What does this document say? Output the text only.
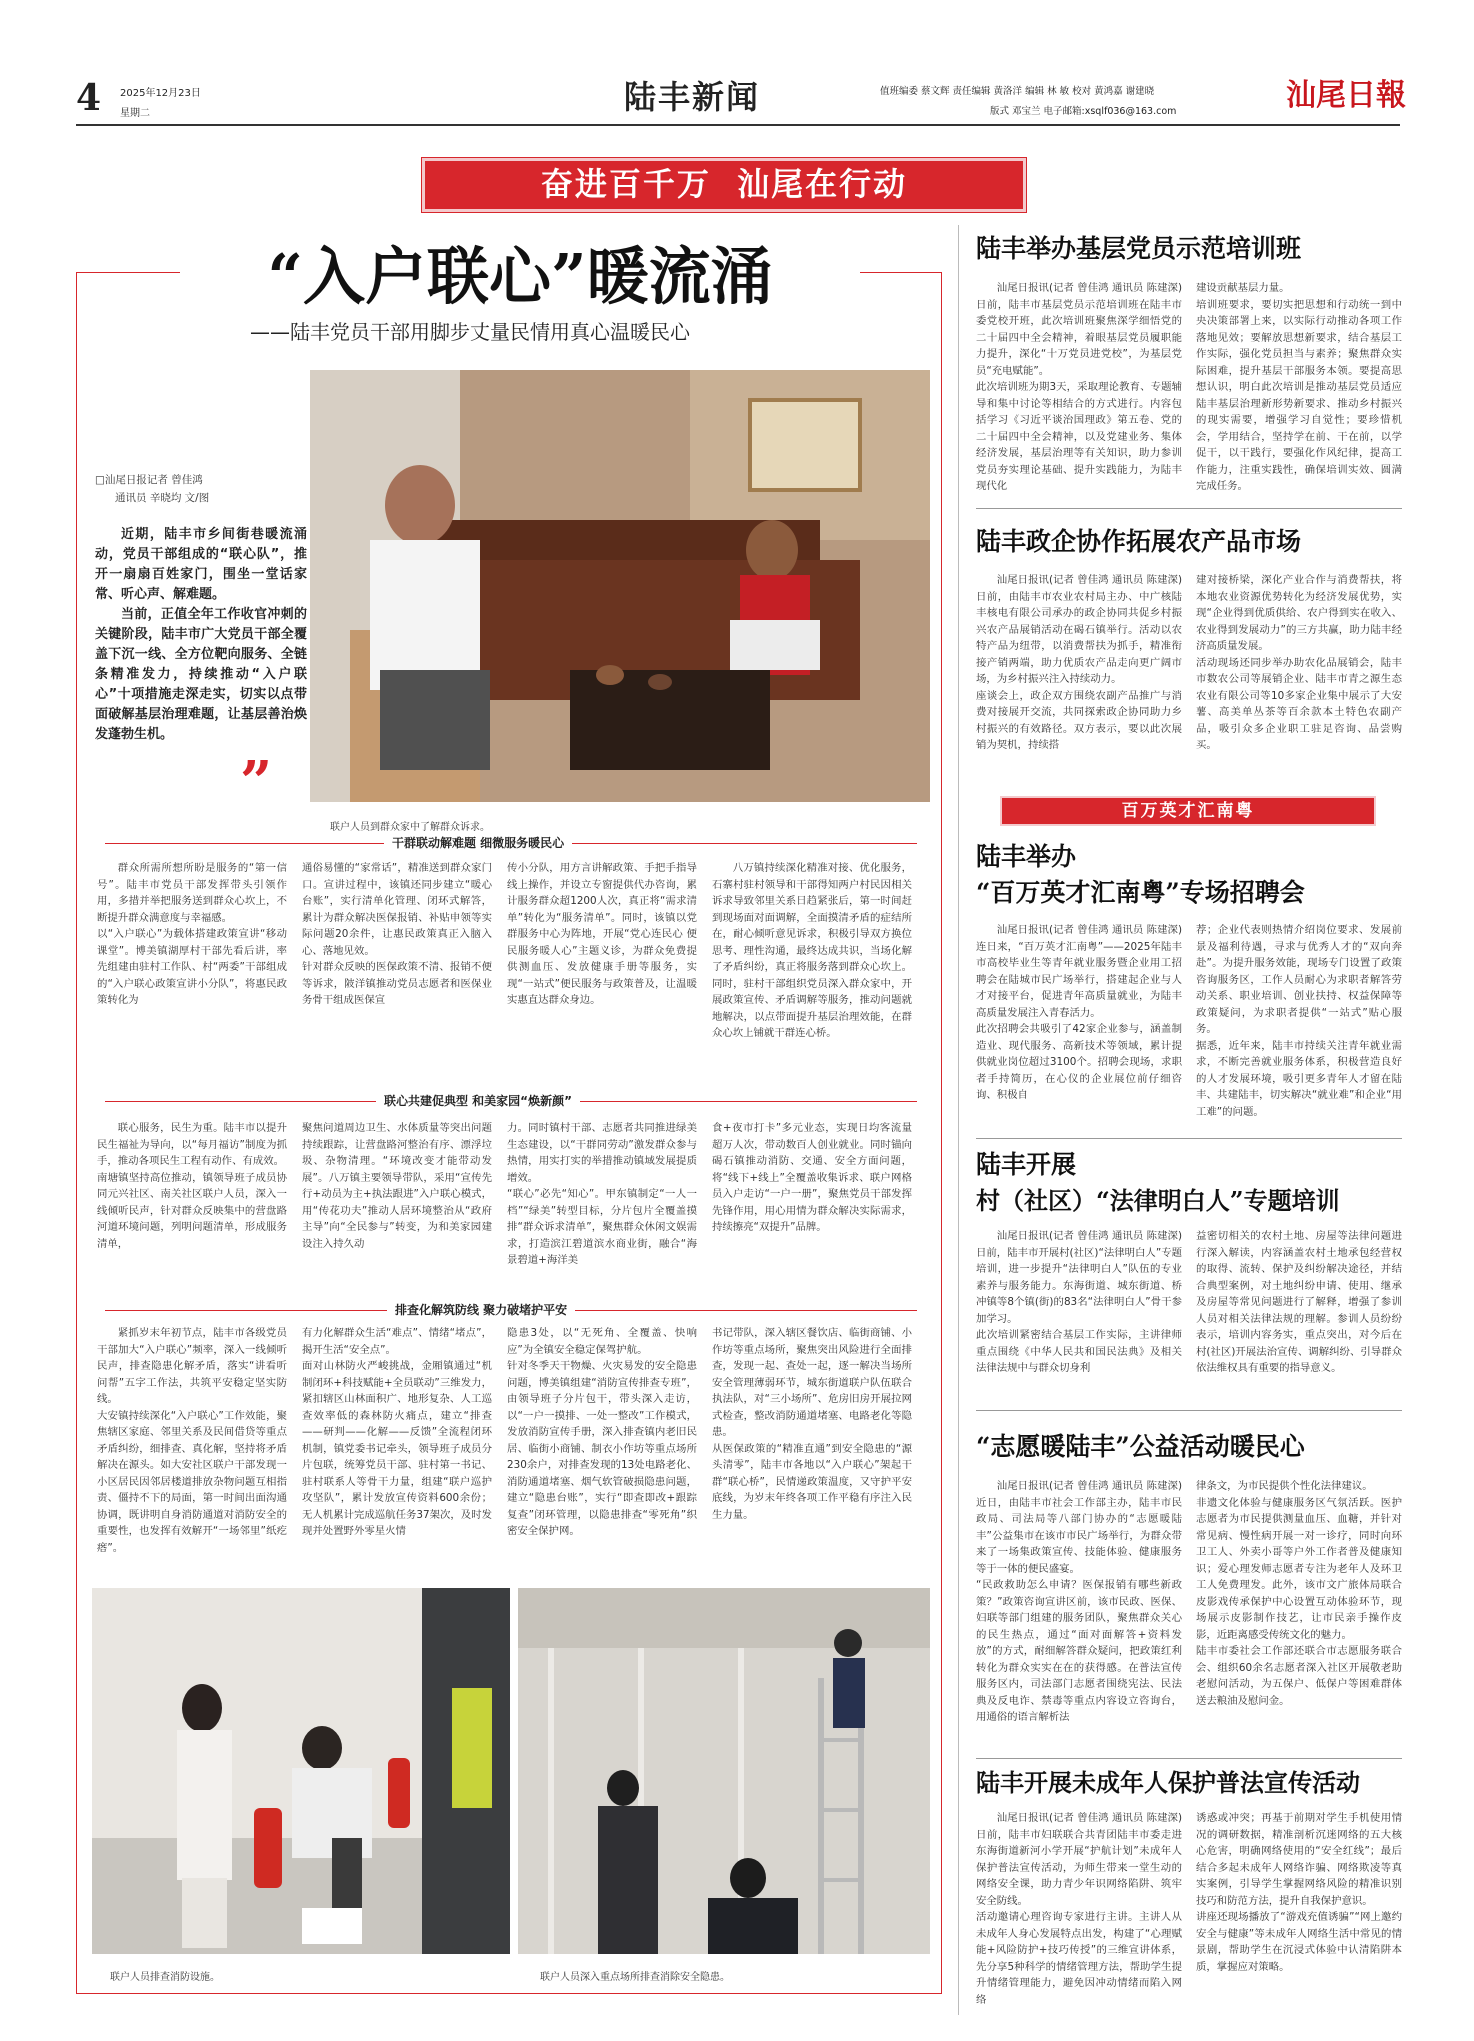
4 2025年12月23日
星期二	陆丰新闻	值班编委 蔡文辉 责任编辑 黄洛洋 编辑 林 敏 校对 黄鸿嘉 谢建晓
版式 邓宝兰 电子邮箱:xsqlf036@163.com	汕尾日報
奋进百千万  汕尾在行动
“入户联心”暖流涌
——陆丰党员干部用脚步丈量民情用真心温暖民心
□汕尾日报记者 曾佳鸿
通讯员 辛晓均 文/图
近期，陆丰市乡间街巷暖流涌动，党员干部组成的“联心队”，推开一扇扇百姓家门，围坐一堂话家常、听心声、解难题。
当前，正值全年工作收官冲刺的关键阶段，陆丰市广大党员干部全覆盖下沉一线、全方位靶向服务、全链条精准发力，持续推动“入户联心”十项措施走深走实，切实以点带面破解基层治理难题，让基层善治焕发蓬勃生机。
”
联户人员到群众家中了解群众诉求。
干群联动解难题 细微服务暖民心
群众所需所想所盼是服务的“第一信号”。陆丰市党员干部发挥带头引领作用，多措并举把服务送到群众心坎上，不断提升群众满意度与幸福感。
以“入户联心”为载体搭建政策宣讲“移动课堂”。博美镇湖厚村干部先看后讲，率先组建由驻村工作队、村“两委”干部组成的“入户联心政策宣讲小分队”，将惠民政策转化为
通俗易懂的“家常话”，精准送到群众家门口。宣讲过程中，该镇还同步建立“暖心台账”，实行清单化管理、闭环式解答，累计为群众解决医保报销、补贴申领等实际问题20余件，让惠民政策真正入脑入心、落地见效。
针对群众反映的医保政策不清、报销不便等诉求，陂洋镇推动党员志愿者和医保业务骨干组成医保宣
传小分队，用方言讲解政策、手把手指导线上操作，并设立专窗提供代办咨询，累计服务群众超1200人次，真正将“需求清单”转化为“服务清单”。同时，该镇以党群服务中心为阵地，开展“党心连民心 便民服务暖人心”主题义诊，为群众免费提供测血压、发放健康手册等服务，实现“一站式”便民服务与政策普及，让温暖实惠直达群众身边。
八万镇持续深化精准对接、优化服务，石寨村驻村领导和干部得知两户村民因相关诉求导致邻里关系日趋紧张后，第一时间赶到现场面对面调解，全面摸清矛盾的症结所在，耐心倾听意见诉求，积极引导双方换位思考、理性沟通，最终达成共识，当场化解了矛盾纠纷，真正将服务落到群众心坎上。同时，驻村干部组织党员深入群众家中，开展政策宣传、矛盾调解等服务，推动问题就地解决，以点带面提升基层治理效能，在群众心坎上铺就干群连心桥。
联心共建促典型 和美家园“焕新颜”
联心服务，民生为重。陆丰市以提升民生福祉为导向，以“每月福访”制度为抓手，推动各项民生工程有动作、有成效。
南塘镇坚持高位推动，镇领导班子成员协同元兴社区、南关社区联户人员，深入一线倾听民声，针对群众反映集中的营盘路河道环境问题，列明问题清单，形成服务清单，
聚焦问道周边卫生、水体质量等突出问题持续跟踪，让营盘路河整治有序、漂浮垃圾、杂物清理。“环境改变才能带动发展”。八万镇主要领导带队，采用“宣传先行+动员为主+执法跟进”入户联心模式，用“传花功夫”推动人居环境整治从“政府主导”向“全民参与”转变，为和美家园建设注入持久动
力。同时镇村干部、志愿者共同推进绿美生态建设，以“干群同劳动”激发群众参与热情，用实打实的举措推动镇域发展提质增效。
“联心”必先“知心”。甲东镇制定“一人一档”“绿美”转型目标，分片包片全覆盖摸排“群众诉求清单”，聚焦群众休闲文娱需求，打造滨江碧道滨水商业街，融合“海景碧道+海洋美
食+夜市打卡”多元业态，实现日均客流量超万人次，带动数百人创业就业。同时锚向碣石镇推动消防、交通、安全方面问题，将“线下+线上”全覆盖收集诉求、联户网格员入户走访“一户一册”，聚焦党员干部发挥先锋作用，用心用情为群众解决实际需求，持续擦亮“双提升”品牌。
排查化解筑防线 聚力破堵护平安
紧抓岁末年初节点，陆丰市各级党员干部加大“入户联心”频率，深入一线倾听民声，排查隐患化解矛盾，落实“讲看听问帮”五字工作法，共筑平安稳定坚实防线。
大安镇持续深化“入户联心”工作效能，聚焦辖区家庭、邻里关系及民间借贷等重点矛盾纠纷，细排查、真化解，坚持将矛盾解决在源头。如大安社区联户干部发现一小区居民因邻居楼道排放杂物问题互相指责、僵持不下的局面，第一时间出面沟通协调，既讲明自身消防通道对消防安全的重要性，也发挥有效解开“一场邻里”纸疙瘩”。
有力化解群众生活“难点”、情绪“堵点”，揭开生活“安全点”。
面对山林防火严峻挑战，金厢镇通过“机制闭环+科技赋能+全员联动”三维发力，紧扣辖区山林面积广、地形复杂、人工巡查效率低的森林防火痛点，建立“排查——研判——化解——反馈”全流程闭环机制，镇党委书记牵头，领导班子成员分片包联，统筹党员干部、驻村第一书记、驻村联系人等骨干力量，组建“联户巡护攻坚队”，累计发放宣传资料600余份；无人机累计完成巡航任务37架次，及时发现并处置野外零星火情
隐患3处，以“无死角、全覆盖、快响应”为全镇安全稳定保驾护航。
针对冬季天干物燥、火灾易发的安全隐患问题，博美镇组建“消防宣传排查专班”，由领导班子分片包干，带头深入走访，以“一户一摸排、一处一整改”工作模式，发放消防宣传手册，深入排查镇内老旧民居、临街小商铺、制衣小作坊等重点场所230余户，对排查发现的13处电路老化、消防通道堵塞、烟气软管破损隐患问题，建立“隐患台账”，实行“即查即改+跟踪复查”闭环管理，以隐患排查“零死角”织密安全保护网。
书记带队，深入辖区餐饮店、临街商铺、小作坊等重点场所，聚焦突出风险进行全面排查，发现一起、查处一起，逐一解决当场所安全管理薄弱环节，城东街道联户队伍联合执法队，对“三小场所”、危房旧房开展拉网式检查，整改消防通道堵塞、电路老化等隐患。
从医保政策的“精准直通”到安全隐患的“源头清零”，陆丰市各地以“入户联心”架起干群“联心桥”，民情递政策温度，又守护平安底线，为岁末年终各项工作平稳有序注入民生力量。
联户人员排查消防设施。	联户人员深入重点场所排查消除安全隐患。
陆丰举办基层党员示范培训班
汕尾日报讯(记者 曾佳鸿 通讯员 陈建深)日前，陆丰市基层党员示范培训班在陆丰市委党校开班，此次培训班聚焦深学细悟党的二十届四中全会精神，着眼基层党员履职能力提升，深化“十万党员进党校”，为基层党员“充电赋能”。
此次培训班为期3天，采取理论教育、专题辅导和集中讨论等相结合的方式进行。内容包括学习《习近平谈治国理政》第五卷、党的二十届四中全会精神，以及党建业务、集体经济发展，基层治理等有关知识，助力参训党员夯实理论基础、提升实践能力，为陆丰现代化
建设贡献基层力量。
培训班要求，要切实把思想和行动统一到中央决策部署上来，以实际行动推动各项工作落地见效；要解放思想新要求，结合基层工作实际，强化党员担当与素养；聚焦群众实际困难，提升基层干部服务本领。要提高思想认识，明白此次培训是推动基层党员适应陆丰基层治理新形势新要求、推动乡村振兴的现实需要，增强学习自觉性；要珍惜机会，学用结合，坚持学在前、干在前，以学促干，以干践行，要强化作风纪律，提高工作能力，注重实践性，确保培训实效、圆满完成任务。
陆丰政企协作拓展农产品市场
汕尾日报讯(记者 曾佳鸿 通讯员 陈建深)日前，由陆丰市农业农村局主办、中广核陆丰核电有限公司承办的政企协同共促乡村振兴农产品展销活动在碣石镇举行。活动以农特产品为纽带，以消费帮扶为抓手，精准衔接产销两端，助力优质农产品走向更广阔市场，为乡村振兴注入持续动力。
座谈会上，政企双方围绕农副产品推广与消费对接展开交流，共同探索政企协同助力乡村振兴的有效路径。双方表示，要以此次展销为契机，持续搭
建对接桥梁，深化产业合作与消费帮扶，将本地农业资源优势转化为经济发展优势，实现“企业得到优质供给、农户得到实在收入、农业得到发展动力”的三方共赢，助力陆丰经济高质量发展。
活动现场还同步举办助农化品展销会，陆丰市数农公司等展销企业、陆丰市青之源生态农业有限公司等10多家企业集中展示了大安薯、高美单丛茶等百余款本土特色农副产品，吸引众多企业职工驻足咨询、品尝购买。
百万英才汇南粤
陆丰举办
“百万英才汇南粤”专场招聘会
汕尾日报讯(记者 曾佳鸿 通讯员 陈建深)连日来，“百万英才汇南粤”——2025年陆丰市高校毕业生等青年就业服务暨企业用工招聘会在陆城市民广场举行，搭建起企业与人才对接平台，促进青年高质量就业，为陆丰高质量发展注入青春活力。
此次招聘会共吸引了42家企业参与，涵盖制造业、现代服务、高新技术等领域，累计提供就业岗位超过3100个。招聘会现场，求职者手持简历，在心仪的企业展位前仔细咨询、积极自
荐；企业代表则热情介绍岗位要求、发展前景及福利待遇，寻求与优秀人才的“双向奔赴”。为提升服务效能，现场专门设置了政策咨询服务区，工作人员耐心为求职者解答劳动关系、职业培训、创业扶持、权益保障等政策疑问，为求职者提供“一站式”贴心服务。
据悉，近年来，陆丰市持续关注青年就业需求，不断完善就业服务体系，积极营造良好的人才发展环境，吸引更多青年人才留在陆丰、共建陆丰，切实解决“就业难”和企业“用工难”的问题。
陆丰开展
村（社区）“法律明白人”专题培训
汕尾日报讯(记者 曾佳鸿 通讯员 陈建深)日前，陆丰市开展村(社区)“法律明白人”专题培训，进一步提升“法律明白人”队伍的专业素养与服务能力。东海街道、城东街道、桥冲镇等8个镇(街)的83名“法律明白人”骨干参加学习。
此次培训紧密结合基层工作实际，主讲律师重点围绕《中华人民共和国民法典》及相关法律法规中与群众切身利
益密切相关的农村土地、房屋等法律问题进行深入解读，内容涵盖农村土地承包经营权的取得、流转、保护及纠纷解决途径，并结合典型案例，对土地纠纷申请、使用、继承及房屋等常见问题进行了解释，增强了参训人员对相关法律法规的理解。参训人员纷纷表示，培训内容务实，重点突出，对今后在村(社区)开展法治宣传、调解纠纷、引导群众依法维权具有重要的指导意义。
“志愿暖陆丰”公益活动暖民心
汕尾日报讯(记者 曾佳鸿 通讯员 陈建深)近日，由陆丰市社会工作部主办，陆丰市民政局、司法局等八部门协办的“志愿暖陆丰”公益集市在该市市民广场举行，为群众带来了一场集政策宣传、技能体验、健康服务等于一体的便民盛宴。
“民政救助怎么申请？医保报销有哪些新政策？”政策咨询宣讲区前，该市民政、医保、妇联等部门组建的服务团队，聚焦群众关心的民生热点，通过“面对面解答+资料发放”的方式，耐细解答群众疑问，把政策红利转化为群众实实在在的获得感。在普法宣传服务区内，司法部门志愿者围绕宪法、民法典及反电诈、禁毒等重点内容设立咨询台，用通俗的语言解析法
律条文，为市民提供个性化法律建议。
非遗文化体验与健康服务区气氛活跃。医护志愿者为市民提供测量血压、血糖，并针对常见病、慢性病开展一对一诊疗，同时向环卫工人、外卖小哥等户外工作者普及健康知识；爱心理发师志愿者专注为老年人及环卫工人免费理发。此外，该市文广旅体局联合皮影戏传承保护中心设置互动体验环节，现场展示皮影制作技艺，让市民亲手操作皮影，近距离感受传统文化的魅力。
陆丰市委社会工作部还联合市志愿服务联合会、组织60余名志愿者深入社区开展敬老助老慰问活动，为五保户、低保户等困难群体送去粮油及慰问金。
陆丰开展未成年人保护普法宣传活动
汕尾日报讯(记者 曾佳鸿 通讯员 陈建深)日前，陆丰市妇联联合共青团陆丰市委走进东海街道新河小学开展“护航计划”未成年人保护普法宣传活动，为师生带来一堂生动的网络安全课，助力青少年识网络陷阱、筑牢安全防线。
活动邀请心理咨询专家进行主讲。主讲人从未成年人身心发展特点出发，构建了“心理赋能+风险防护+技巧传授”的三维宣讲体系，先分享5种科学的情绪管理方法，帮助学生提升情绪管理能力，避免因冲动情绪而陷入网络
诱惑或冲突；再基于前期对学生手机使用情况的调研数据，精准剖析沉迷网络的五大核心危害，明确网络使用的“安全红线”；最后结合多起未成年人网络诈骗、网络欺凌等真实案例，引导学生掌握网络风险的精准识别技巧和防范方法，提升自我保护意识。
讲座还现场播放了“游戏充值诱骗”“网上邀约安全与健康”等未成年人网络生活中常见的情景剧，帮助学生在沉浸式体验中认清陷阱本质，掌握应对策略。
